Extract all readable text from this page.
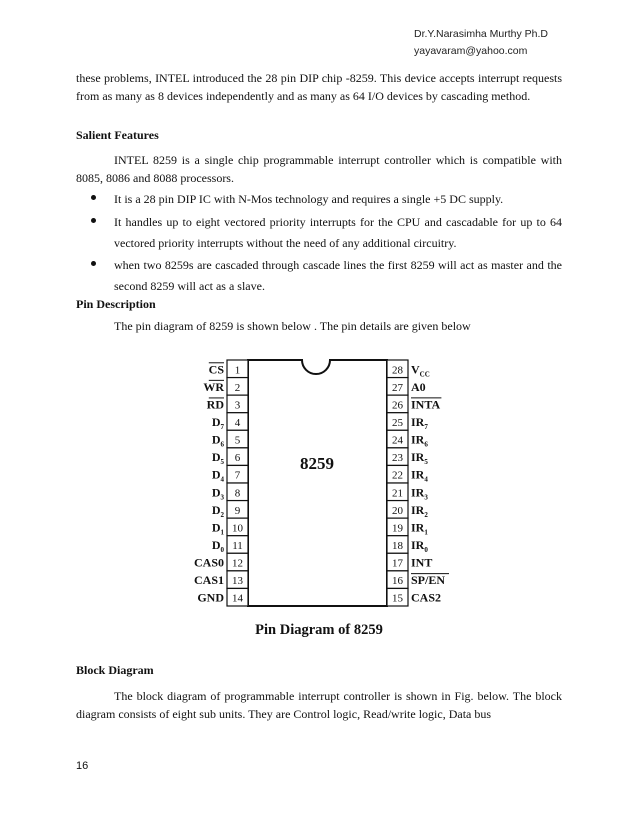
Dr.Y.Narasimha Murthy Ph.D
yayavaram@yahoo.com
these problems, INTEL introduced the 28 pin DIP chip -8259. This device accepts interrupt requests from as many as 8 devices independently and as many as 64 I/O devices by cascading method.
Salient Features
INTEL 8259 is a single chip programmable interrupt controller which is compatible with 8085, 8086 and 8088 processors.
It is a 28 pin DIP IC with N-Mos technology and requires a single +5 DC supply.
It handles up to eight vectored priority interrupts for the CPU and cascadable for up to 64 vectored priority interrupts without the need of any additional circuitry.
when two 8259s are cascaded through cascade lines the first 8259 will act as master and the second 8259 will act as a slave.
Pin Description
The pin diagram of 8259 is shown below . The pin details are given below
8259
1
CS
2
WR
3
RD
4
$D_7$
5
$D_6$
6
$D_5$
7
$D_4$
8
$D_3$
9
$D_2$
10
$D_1$
11
$D_0$
12
CAS0
13
CAS1
14
GND
28 $V_{CC}$
27 A0
26 INTA
25 $IR_7$
24 $IR_6$
23 $IR_5$
22 $IR_4$
21 $IR_3$
20 $IR_2$
19 $IR_1$
18 $IR_0$
17 INT
16 SP/EN
15 CAS2
Pin Diagram of 8259
Block Diagram
The block diagram of programmable interrupt controller is shown in Fig. below. The block diagram consists of eight sub units. They are Control logic, Read/write logic, Data bus
16
